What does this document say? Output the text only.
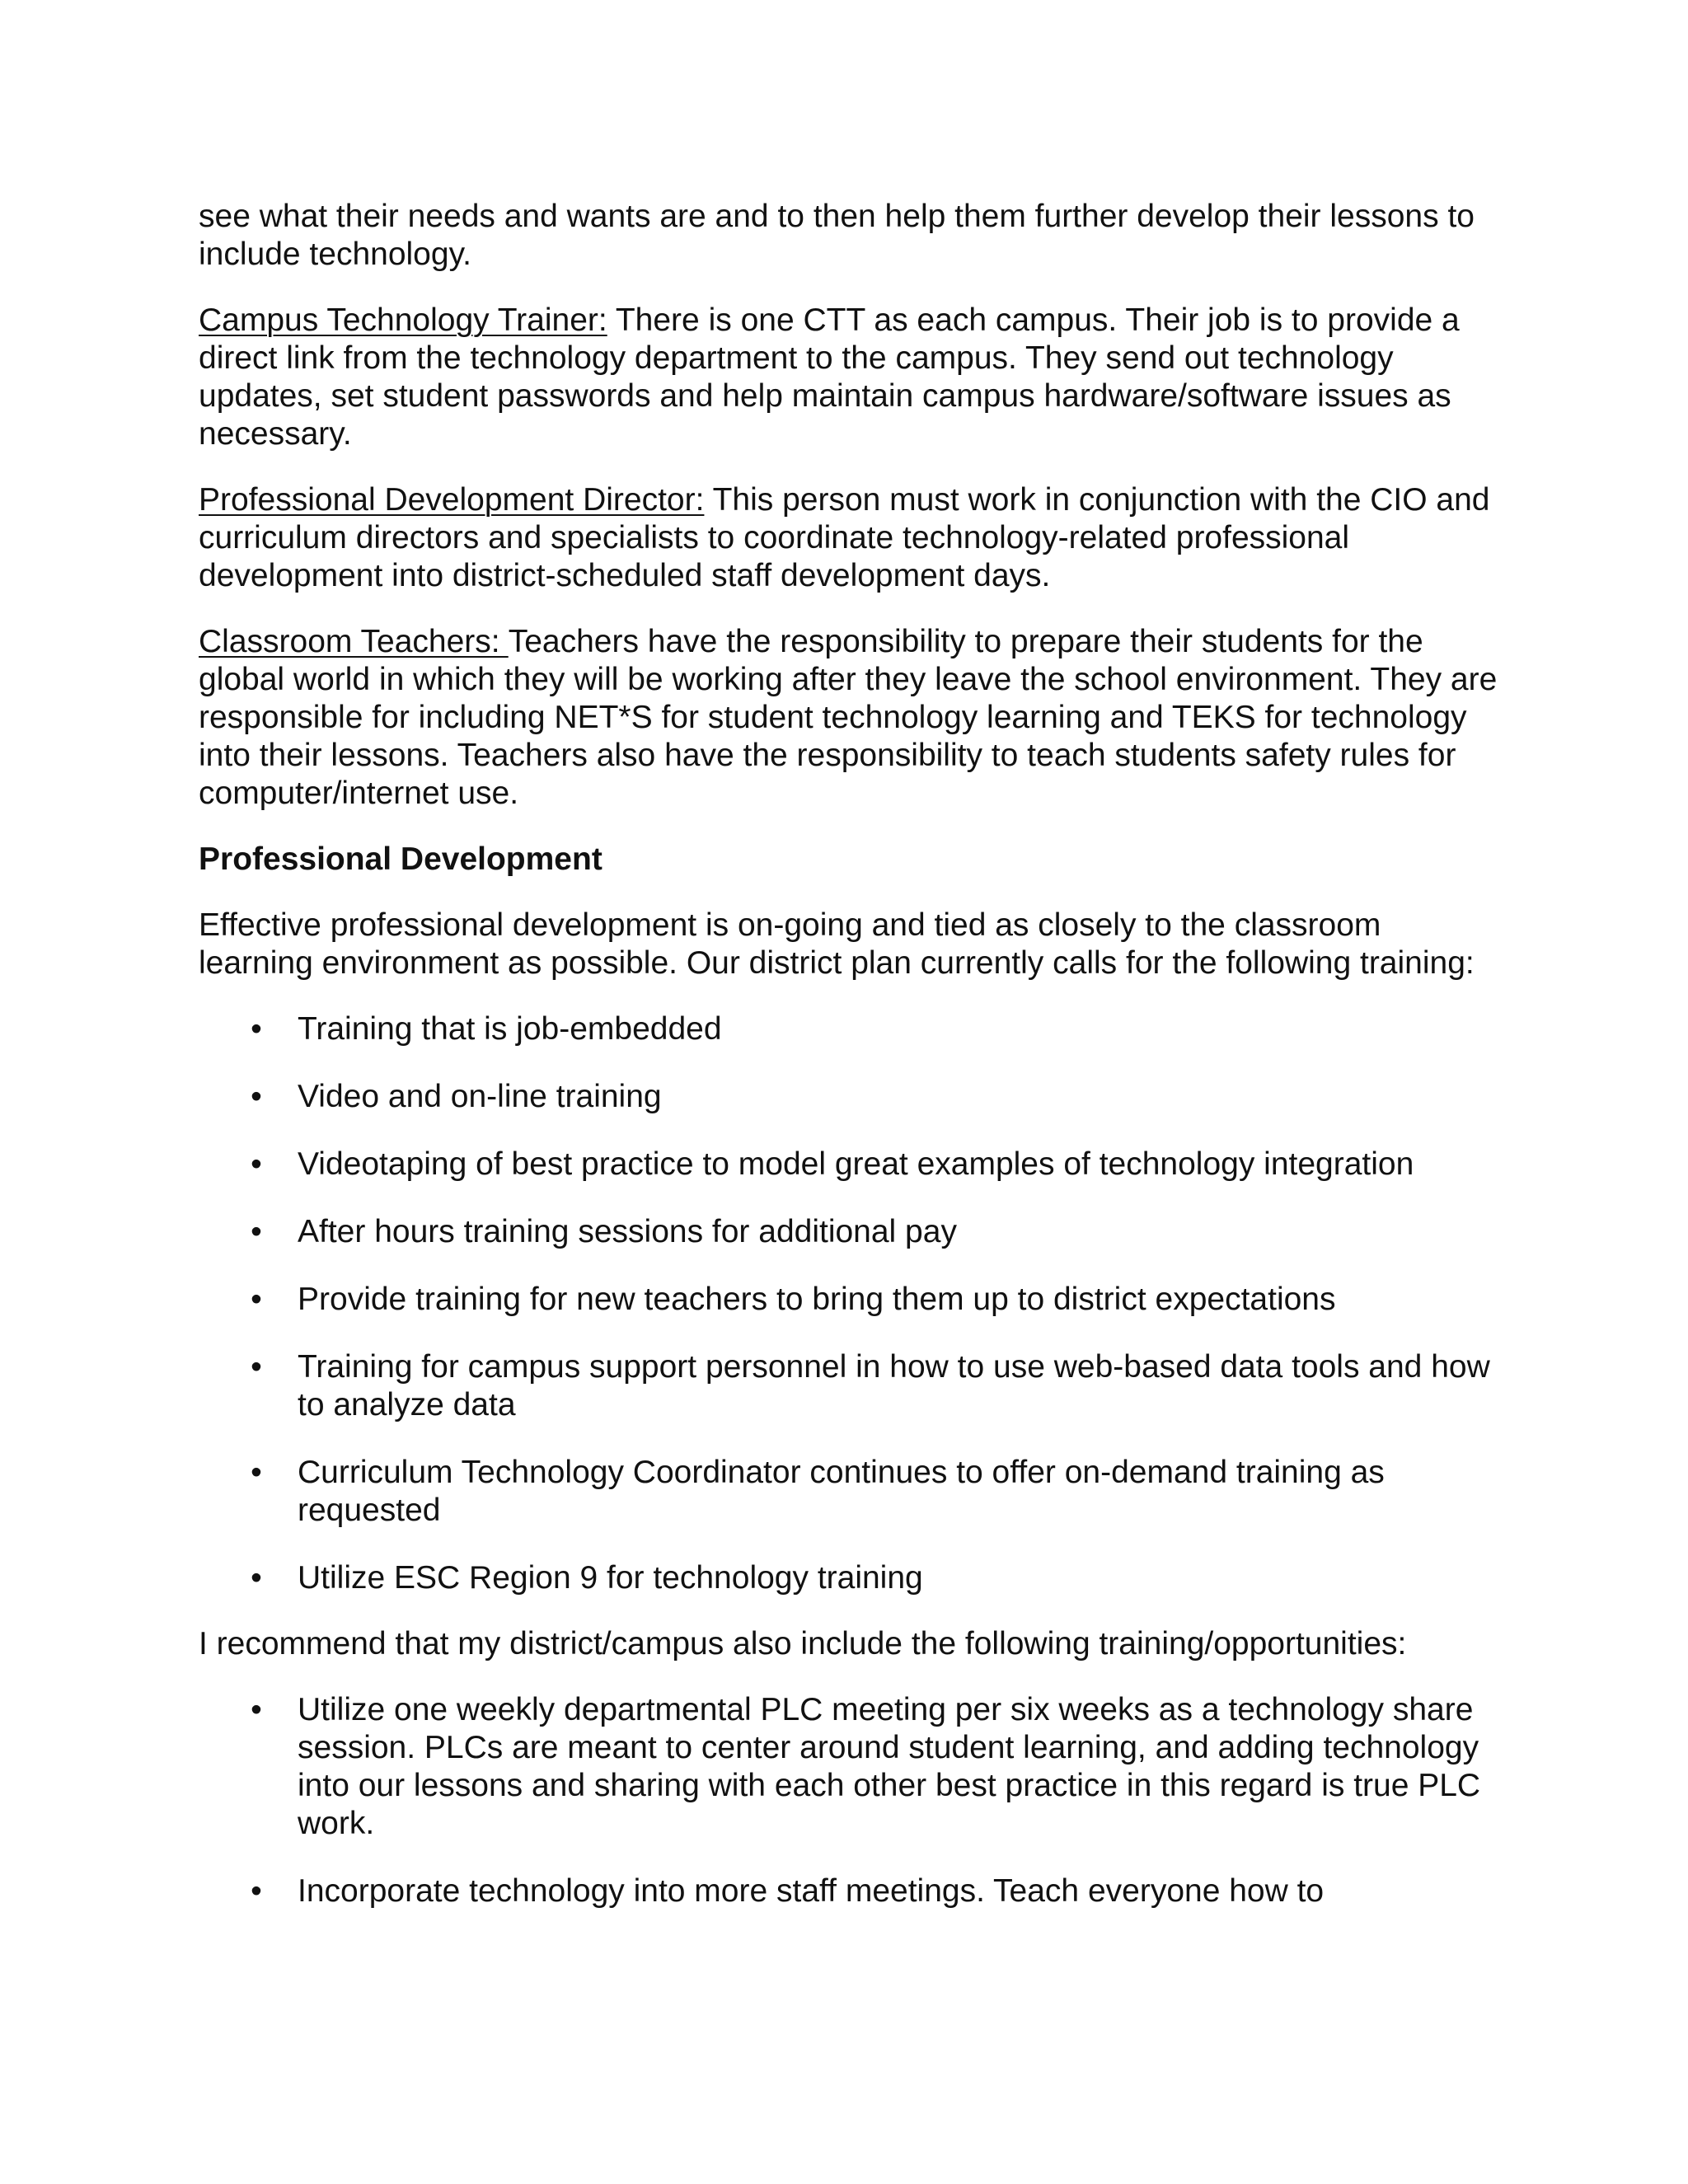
see what their needs and wants are and to then help them further develop their lessons to include technology.

Campus Technology Trainer: There is one CTT as each campus. Their job is to provide a direct link from the technology department to the campus. They send out technology updates, set student passwords and help maintain campus hardware/software issues as necessary.

Professional Development Director: This person must work in conjunction with the CIO and curriculum directors and specialists to coordinate technology-related professional development into district-scheduled staff development days.

Classroom Teachers: Teachers have the responsibility to prepare their students for the global world in which they will be working after they leave the school environment. They are responsible for including NET*S for student technology learning and TEKS for technology into their lessons. Teachers also have the responsibility to teach students safety rules for computer/internet use.

Professional Development

Effective professional development is on-going and tied as closely to the classroom learning environment as possible. Our district plan currently calls for the following training:

• Training that is job-embedded
• Video and on-line training
• Videotaping of best practice to model great examples of technology integration
• After hours training sessions for additional pay
• Provide training for new teachers to bring them up to district expectations
• Training for campus support personnel in how to use web-based data tools and how to analyze data
• Curriculum Technology Coordinator continues to offer on-demand training as requested
• Utilize ESC Region 9 for technology training

I recommend that my district/campus also include the following training/opportunities:

• Utilize one weekly departmental PLC meeting per six weeks as a technology share session. PLCs are meant to center around student learning, and adding technology into our lessons and sharing with each other best practice in this regard is true PLC work.
• Incorporate technology into more staff meetings. Teach everyone how to
